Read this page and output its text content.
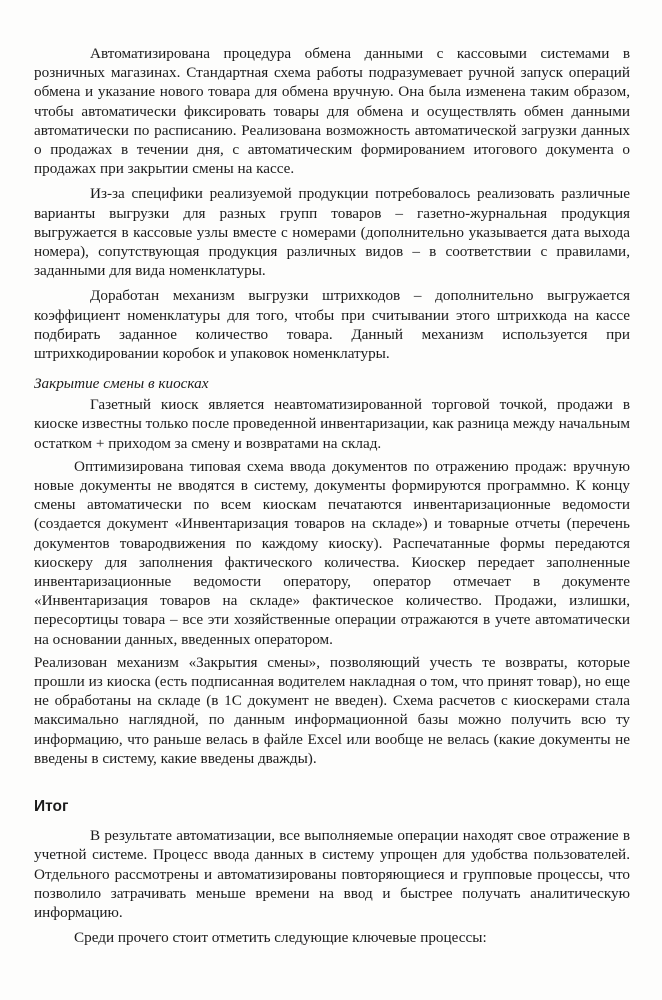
Автоматизирована процедура обмена данными с кассовыми системами в розничных магазинах. Стандартная схема работы подразумевает ручной запуск операций обмена и указание нового товара для обмена вручную. Она была изменена таким образом, чтобы автоматически фиксировать товары для обмена и осуществлять обмен данными автоматически по расписанию. Реализована возможность автоматической загрузки данных о продажах в течении дня, с автоматическим формированием итогового документа о продажах при закрытии смены на кассе.

Из-за специфики реализуемой продукции потребовалось реализовать различные варианты выгрузки для разных групп товаров – газетно-журнальная продукция выгружается в кассовые узлы вместе с номерами (дополнительно указывается дата выхода номера), сопутствующая продукция различных видов – в соответствии с правилами, заданными для вида номенклатуры.

Доработан механизм выгрузки штрихкодов – дополнительно выгружается коэффициент номенклатуры для того, чтобы при считывании этого штрихкода на кассе подбирать заданное количество товара. Данный механизм используется при штрихкодировании коробок и упаковок номенклатуры.

Закрытие смены в киосках

Газетный киоск является неавтоматизированной торговой точкой, продажи в киоске известны только после проведенной инвентаризации, как разница между начальным остатком + приходом за смену и возвратами на склад.

Оптимизирована типовая схема ввода документов по отражению продаж: вручную новые документы не вводятся в систему, документы формируются программно. К концу смены автоматически по всем киоскам печатаются инвентаризационные ведомости (создается документ «Инвентаризация товаров на складе») и товарные отчеты (перечень документов товародвижения по каждому киоску). Распечатанные формы передаются киоскеру для заполнения фактического количества. Киоскер передает заполненные инвентаризационные ведомости оператору, оператор отмечает в документе «Инвентаризация товаров на складе» фактическое количество. Продажи, излишки, пересортицы товара – все эти хозяйственные операции отражаются в учете автоматически на основании данных, введенных оператором.

Реализован механизм «Закрытия смены», позволяющий учесть те возвраты, которые прошли из киоска (есть подписанная водителем накладная о том, что принят товар), но еще не обработаны на складе (в 1С документ не введен). Схема расчетов с киоскерами стала максимально наглядной, по данным информационной базы можно получить всю ту информацию, что раньше велась в файле Excel или вообще не велась (какие документы не введены в систему, какие введены дважды).

Итог

В результате автоматизации, все выполняемые операции находят свое отражение в учетной системе. Процесс ввода данных в систему упрощен для удобства пользователей. Отдельного рассмотрены и автоматизированы повторяющиеся и групповые процессы, что позволило затрачивать меньше времени на ввод и быстрее получать аналитическую информацию.

Среди прочего стоит отметить следующие ключевые процессы:
